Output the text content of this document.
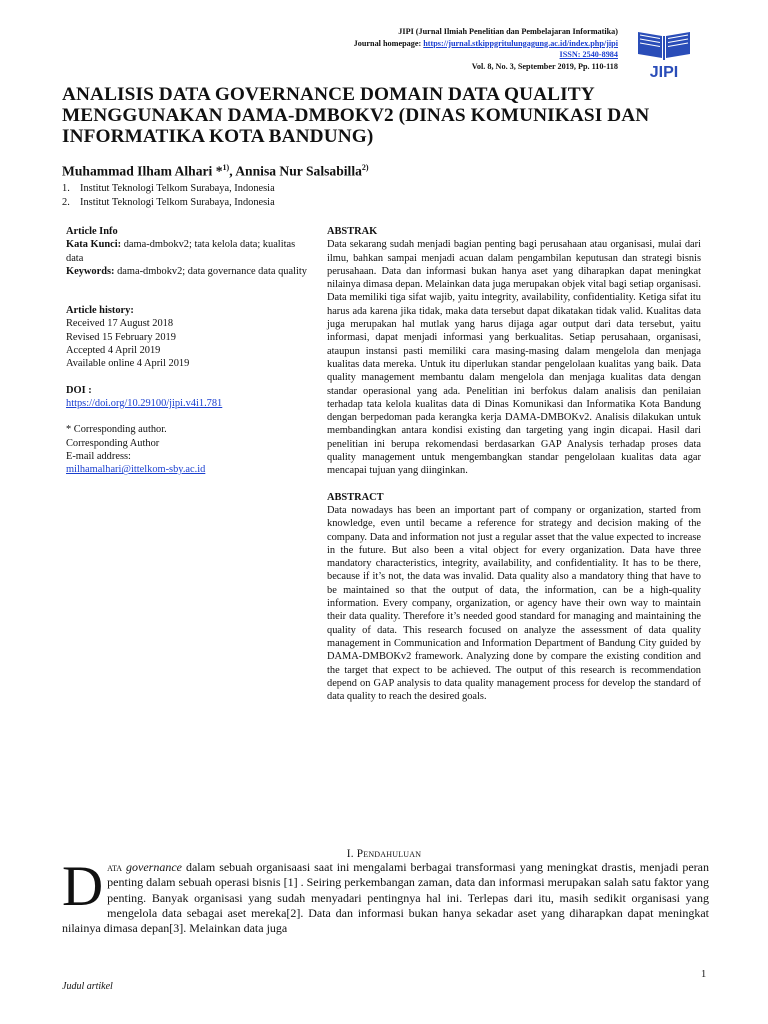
JIPI (Jurnal Ilmiah Penelitian dan Pembelajaran Informatika)
Journal homepage: https://jurnal.stkippgritulungagung.ac.id/index.php/jipi
ISSN: 2540-8984
Vol. 8, No. 3, September 2019, Pp. 110-118 JIPI
ANALISIS DATA GOVERNANCE DOMAIN DATA QUALITY MENGGUNAKAN DAMA-DMBOKV2 (DINAS KOMUNIKASI DAN INFORMATIKA KOTA BANDUNG)
Muhammad Ilham Alhari *$^{1)}$, Annisa Nur Salsabilla$^{2)}$
1. Institut Teknologi Telkom Surabaya, Indonesia
2. Institut Teknologi Telkom Surabaya, Indonesia
Article Info
Kata Kunci: dama-dmbokv2; tata kelola data; kualitas data
Keywords: dama-dmbokv2; data governance data quality
Article history:
Received 17 August 2018
Revised 15 February 2019
Accepted 4 April 2019
Available online 4 April 2019
DOI :
https://doi.org/10.29100/jipi.v4i1.781
* Corresponding author.
Corresponding Author
E-mail address:
milhamalhari@ittelkom-sby.ac.id
ABSTRAK

Data sekarang sudah menjadi bagian penting bagi perusahaan atau organisasi, mulai dari ilmu, bahkan sampai menjadi acuan dalam pengambilan keputusan dan strategi bisnis perusahaan. Data dan informasi bukan hanya aset yang diharapkan dapat meningkat nilainya dimasa depan. Melainkan data juga merupakan objek vital bagi setiap organisasi. Data memiliki tiga sifat wajib, yaitu integrity, availability, confidentiality. Ketiga sifat itu harus ada karena jika tidak, maka data tersebut dapat dikatakan tidak valid. Kualitas data juga merupakan hal mutlak yang harus dijaga agar output dari data tersebut, yaitu informasi, dapat menjadi informasi yang berkualitas. Setiap perusahaan, organisasi, ataupun instansi pasti memiliki cara masing-masing dalam mengelola dan menjaga kualitas data mereka. Untuk itu diperlukan standar pengelolaan kualitas yang baik. Data quality management membantu dalam mengelola dan menjaga kualitas data dengan standar operasional yang ada. Penelitian ini berfokus dalam analisis dan penilaian terhadap tata kelola kualitas data di Dinas Komunikasi dan Informatika Kota Bandung dengan berpedoman pada kerangka kerja DAMA-DMBOKv2. Analisis dilakukan untuk membandingkan antara kondisi existing dan targeting yang ingin dicapai. Hasil dari penelitian ini berupa rekomendasi berdasarkan GAP Analysis terhadap proses data quality management untuk mengembangkan standar pengelolaan kualitas data agar mencapai tujuan yang diinginkan.

ABSTRACT

Data nowadays has been an important part of company or organization, started from knowledge, even until became a reference for strategy and decision making of the company. Data and information not just a regular asset that the value expected to increase in the future. But also been a vital object for every organization. Data have three mandatory characteristics, integrity, availability, and confidentiality. It has to be there, because if it’s not, the data was invalid. Data quality also a mandatory thing that have to be maintained so that the output of data, the information, can be a high-quality information. Every company, organization, or agency have their own way to maintain their data quality. Therefore it’s needed good standard for managing and maintaining the quality of data. This research focused on analyze the assessment of data quality management in Communication and Information Department of Bandung City guided by DAMA-DMBOKv2 framework. Analyzing done by compare the existing condition and the target that expect to be achieved. The output of this research is recommendation depend on GAP analysis to data quality management process for develop the standard of data quality to reach the desired goals.

I. Pendahuluan
Data governance dalam sebuah organisaasi saat ini mengalami berbagai transformasi yang meningkat drastis, menjadi peran penting dalam sebuah operasi bisnis [1] . Seiring perkembangan zaman, data dan informasi merupakan salah satu faktor yang penting. Banyak organisasi yang sudah menyadari pentingnya hal ini. Terlepas dari itu, masih sedikit organisasi yang mengelola data sebagai aset mereka[2]. Data dan informasi bukan hanya sekadar aset yang diharapkan dapat meningkat nilainya dimasa depan[3]. Melainkan data juga
1
Judul artikel
